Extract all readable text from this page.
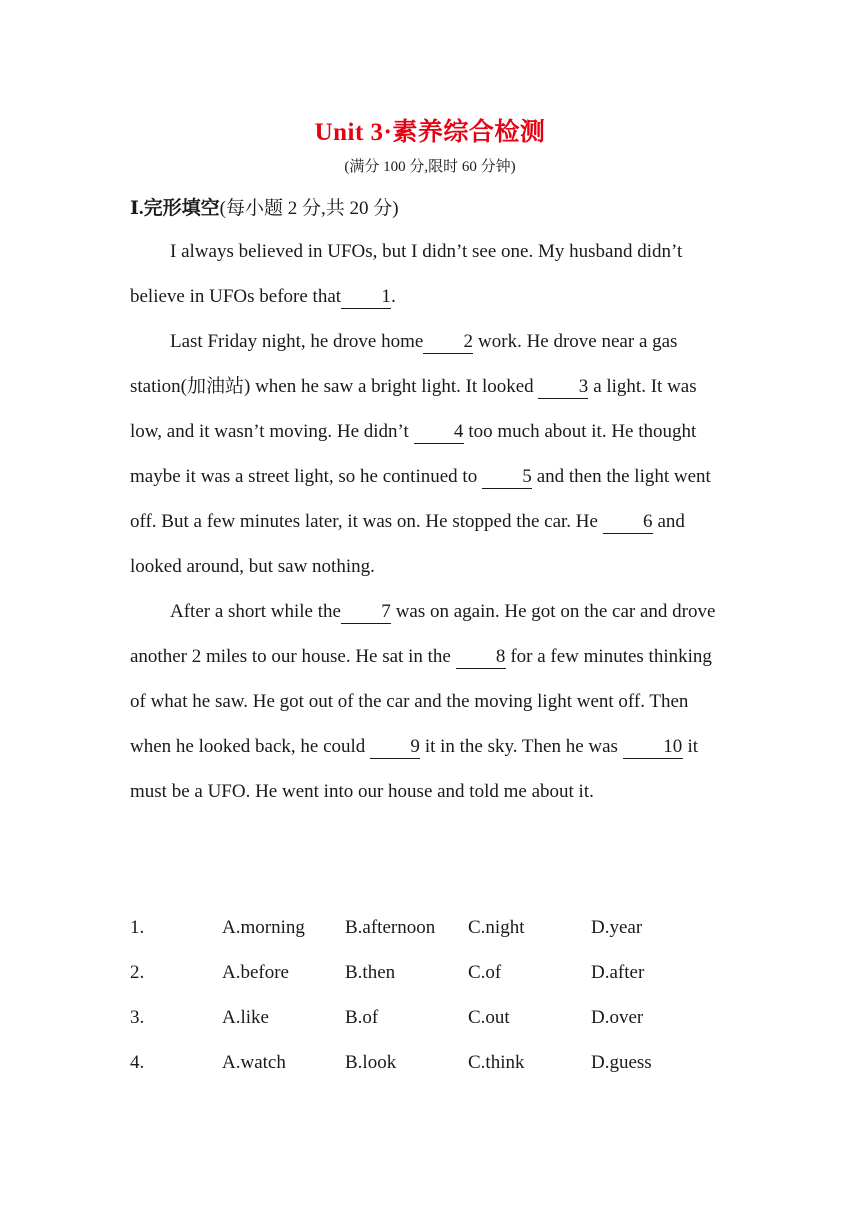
Unit 3·素养综合检测
(满分 100 分,限时 60 分钟)
Ⅰ.完形填空(每小题 2 分,共 20 分)

I always believed in UFOs, but I didn’t see one. My husband didn’t believe in UFOs before that 1.

Last Friday night, he drove home 2 work. He drove near a gas station(加油站) when he saw a bright light. It looked 3 a light. It was low, and it wasn’t moving. He didn’t 4 too much about it. He thought maybe it was a street light, so he continued to 5 and then the light went off. But a few minutes later, it was on. He stopped the car. He 6 and looked around, but saw nothing.

After a short while the 7 was on again. He got on the car and drove another 2 miles to our house. He sat in the 8 for a few minutes thinking of what he saw. He got out of the car and the moving light went off. Then when he looked back, he could 9 it in the sky. Then he was 10 it must be a UFO. He went into our house and told me about it.

1.	A.morning B.afternoon C.night	D.year
2.	A.before	B.then	C.of	D.after
3.	A.like	B.of	C.out	D.over
4.	A.watch	B.look	C.think	D.guess
